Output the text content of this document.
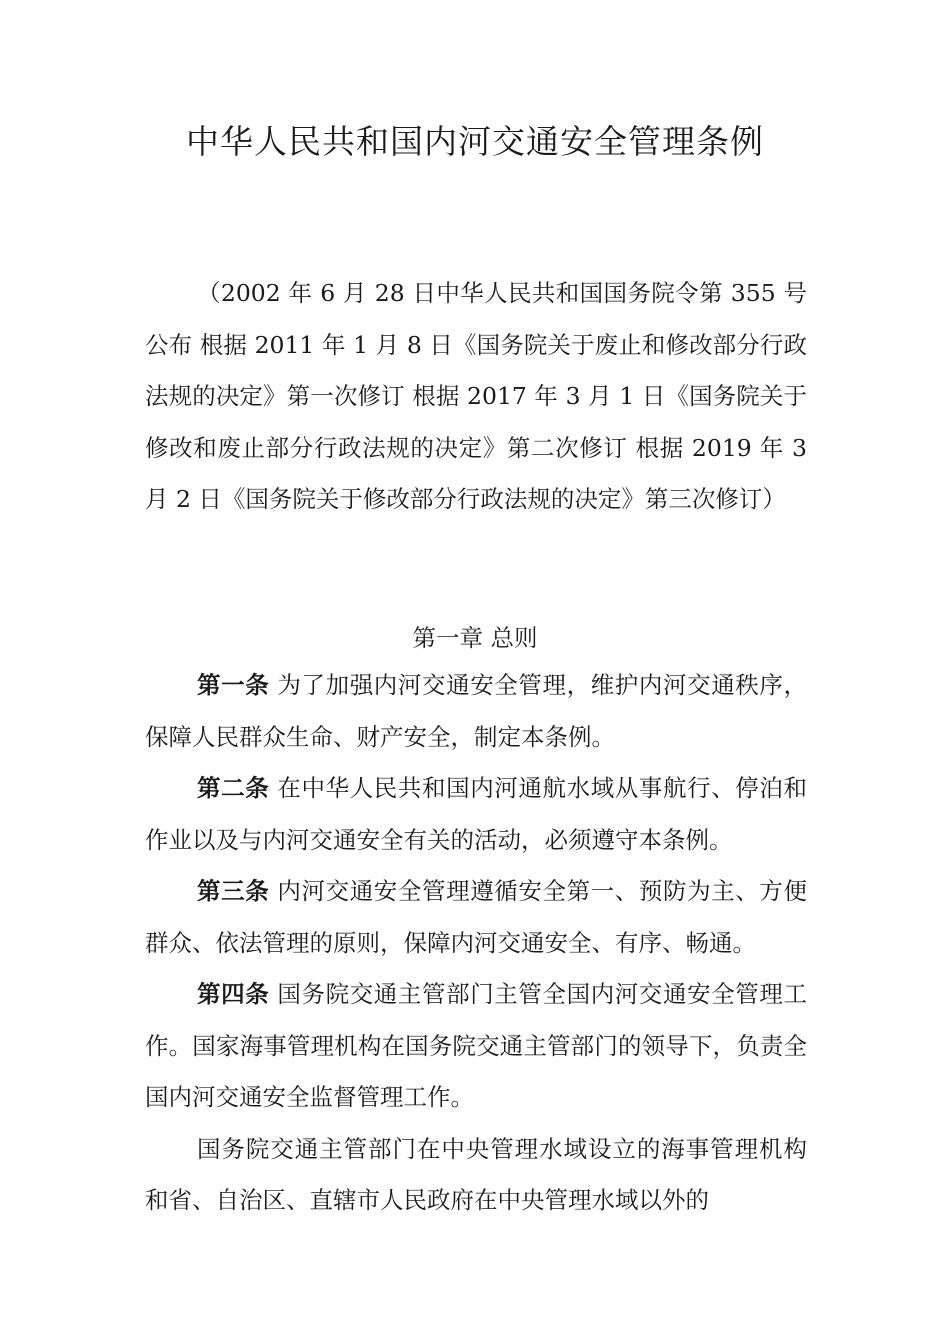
中华人民共和国内河交通安全管理条例

（2002 年 6 月 28 日中华人民共和国国务院令第 355 号公布 根据 2011 年 1 月 8 日《国务院关于废止和修改部分行政法规的决定》第一次修订 根据 2017 年 3 月 1 日《国务院关于修改和废止部分行政法规的决定》第二次修订 根据 2019 年 3 月 2 日《国务院关于修改部分行政法规的决定》第三次修订）

第一章 总则

第一条 为了加强内河交通安全管理，维护内河交通秩序，保障人民群众生命、财产安全，制定本条例。

第二条 在中华人民共和国内河通航水域从事航行、停泊和作业以及与内河交通安全有关的活动，必须遵守本条例。

第三条 内河交通安全管理遵循安全第一、预防为主、方便群众、依法管理的原则，保障内河交通安全、有序、畅通。

第四条 国务院交通主管部门主管全国内河交通安全管理工作。国家海事管理机构在国务院交通主管部门的领导下，负责全国内河交通安全监督管理工作。

国务院交通主管部门在中央管理水域设立的海事管理机构和省、自治区、直辖市人民政府在中央管理水域以外的
